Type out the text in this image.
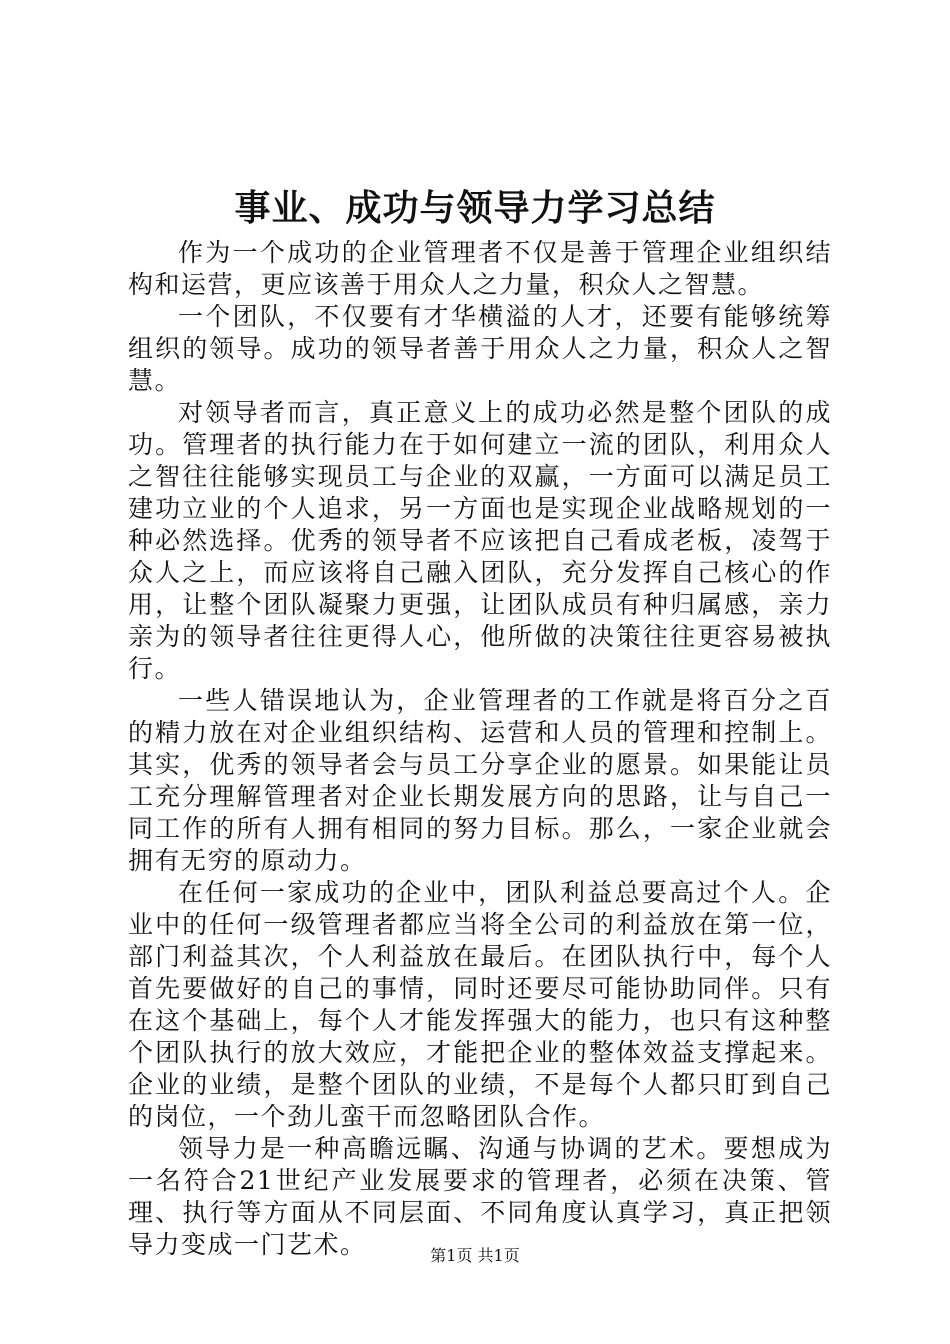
事业、成功与领导力学习总结

作为一个成功的企业管理者不仅是善于管理企业组织结构和运营，更应该善于用众人之力量，积众人之智慧。

一个团队，不仅要有才华横溢的人才，还要有能够统筹组织的领导。成功的领导者善于用众人之力量，积众人之智慧。

对领导者而言，真正意义上的成功必然是整个团队的成功。管理者的执行能力在于如何建立一流的团队，利用众人之智往往能够实现员工与企业的双赢，一方面可以满足员工建功立业的个人追求，另一方面也是实现企业战略规划的一种必然选择。优秀的领导者不应该把自己看成老板，凌驾于众人之上，而应该将自己融入团队，充分发挥自己核心的作用，让整个团队凝聚力更强，让团队成员有种归属感，亲力亲为的领导者往往更得人心，他所做的决策往往更容易被执行。

一些人错误地认为，企业管理者的工作就是将百分之百的精力放在对企业组织结构、运营和人员的管理和控制上。其实，优秀的领导者会与员工分享企业的愿景。如果能让员工充分理解管理者对企业长期发展方向的思路，让与自己一同工作的所有人拥有相同的努力目标。那么，一家企业就会拥有无穷的原动力。

在任何一家成功的企业中，团队利益总要高过个人。企业中的任何一级管理者都应当将全公司的利益放在第一位，部门利益其次，个人利益放在最后。在团队执行中，每个人首先要做好的自己的事情，同时还要尽可能协助同伴。只有在这个基础上，每个人才能发挥强大的能力，也只有这种整个团队执行的放大效应，才能把企业的整体效益支撑起来。企业的业绩，是整个团队的业绩，不是每个人都只盯到自己的岗位，一个劲儿蛮干而忽略团队合作。

领导力是一种高瞻远瞩、沟通与协调的艺术。要想成为一名符合21世纪产业发展要求的管理者，必须在决策、管理、执行等方面从不同层面、不同角度认真学习，真正把领导力变成一门艺术。	第1页 共1页
